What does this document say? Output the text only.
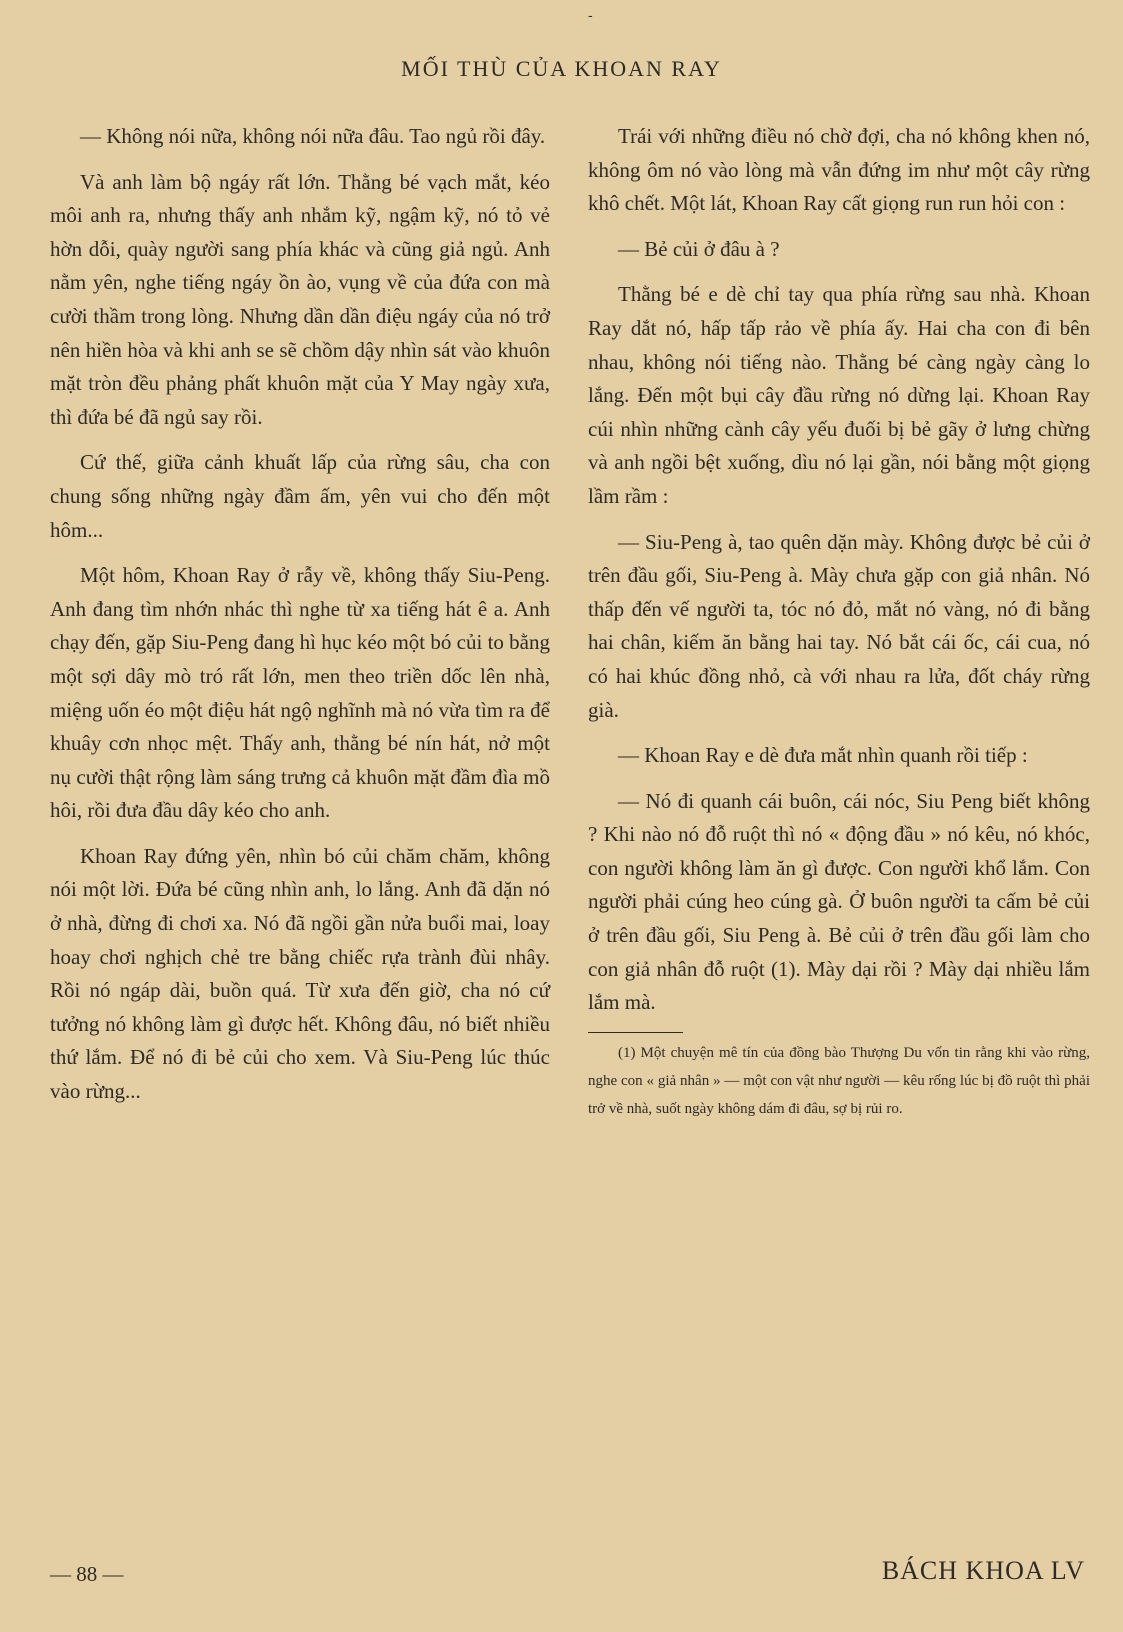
-
MỐI THÙ CỦA KHOAN RAY

— Không nói nữa, không nói nữa đâu. Tao ngủ rồi đây.

Và anh làm bộ ngáy rất lớn. Thằng bé vạch mắt, kéo môi anh ra, nhưng thấy anh nhắm kỹ, ngậm kỹ, nó tỏ vẻ hờn dỗi, quày người sang phía khác và cũng giả ngủ. Anh nằm yên, nghe tiếng ngáy ồn ào, vụng về của đứa con mà cười thầm trong lòng. Nhưng dần dần điệu ngáy của nó trở nên hiền hòa và khi anh se sẽ chồm dậy nhìn sát vào khuôn mặt tròn đều phảng phất khuôn mặt của Y May ngày xưa, thì đứa bé đã ngủ say rồi.

Cứ thế, giữa cảnh khuất lấp của rừng sâu, cha con chung sống những ngày đầm ấm, yên vui cho đến một hôm...

Một hôm, Khoan Ray ở rẫy về, không thấy Siu-Peng. Anh đang tìm nhớn nhác thì nghe từ xa tiếng hát ê a. Anh chạy đến, gặp Siu-Peng đang hì hục kéo một bó củi to bằng một sợi dây mò tró rất lớn, men theo triền dốc lên nhà, miệng uốn éo một điệu hát ngộ nghĩnh mà nó vừa tìm ra để khuây cơn nhọc mệt. Thấy anh, thằng bé nín hát, nở một nụ cười thật rộng làm sáng trưng cả khuôn mặt đầm đìa mồ hôi, rồi đưa đầu dây kéo cho anh.

Khoan Ray đứng yên, nhìn bó củi chăm chăm, không nói một lời. Đứa bé cũng nhìn anh, lo lắng. Anh đã dặn nó ở nhà, đừng đi chơi xa. Nó đã ngồi gần nửa buổi mai, loay hoay chơi nghịch chẻ tre bằng chiếc rựa trành đùi nhây. Rồi nó ngáp dài, buồn quá. Từ xưa đến giờ, cha nó cứ tưởng nó không làm gì được hết. Không đâu, nó biết nhiều thứ lắm. Để nó đi bẻ củi cho xem. Và Siu-Peng lúc thúc vào rừng...

Trái với những điều nó chờ đợi, cha nó không khen nó, không ôm nó vào lòng mà vẫn đứng im như một cây rừng khô chết. Một lát, Khoan Ray cất giọng run run hỏi con :

— Bẻ củi ở đâu à ?

Thằng bé e dè chỉ tay qua phía rừng sau nhà. Khoan Ray dắt nó, hấp tấp rảo về phía ấy. Hai cha con đi bên nhau, không nói tiếng nào. Thằng bé càng ngày càng lo lắng. Đến một bụi cây đầu rừng nó dừng lại. Khoan Ray cúi nhìn những cành cây yếu đuối bị bẻ gãy ở lưng chừng và anh ngồi bệt xuống, dìu nó lại gần, nói bằng một giọng lầm rầm :

— Siu-Peng à, tao quên dặn mày. Không được bẻ củi ở trên đầu gối, Siu-Peng à. Mày chưa gặp con giả nhân. Nó thấp đến vế người ta, tóc nó đỏ, mắt nó vàng, nó đi bằng hai chân, kiếm ăn bằng hai tay. Nó bắt cái ốc, cái cua, nó có hai khúc đồng nhỏ, cà với nhau ra lửa, đốt cháy rừng già.

— Khoan Ray e dè đưa mắt nhìn quanh rồi tiếp :

— Nó đi quanh cái buôn, cái nóc, Siu Peng biết không ? Khi nào nó đỗ ruột thì nó « động đầu » nó kêu, nó khóc, con người không làm ăn gì được. Con người khổ lắm. Con người phải cúng heo cúng gà. Ở buôn người ta cấm bẻ củi ở trên đầu gối, Siu Peng à. Bẻ củi ở trên đầu gối làm cho con giả nhân đỗ ruột (1). Mày dại rồi ? Mày dại nhiều lắm lắm mà.

(1) Một chuyện mê tín của đồng bào Thượng Du vốn tin rằng khi vào rừng, nghe con « giả nhân » — một con vật như người — kêu rống lúc bị đồ ruột thì phải trở về nhà, suốt ngày không dám đi đâu, sợ bị rủi ro.

— 88 —	BÁCH KHOA LV
